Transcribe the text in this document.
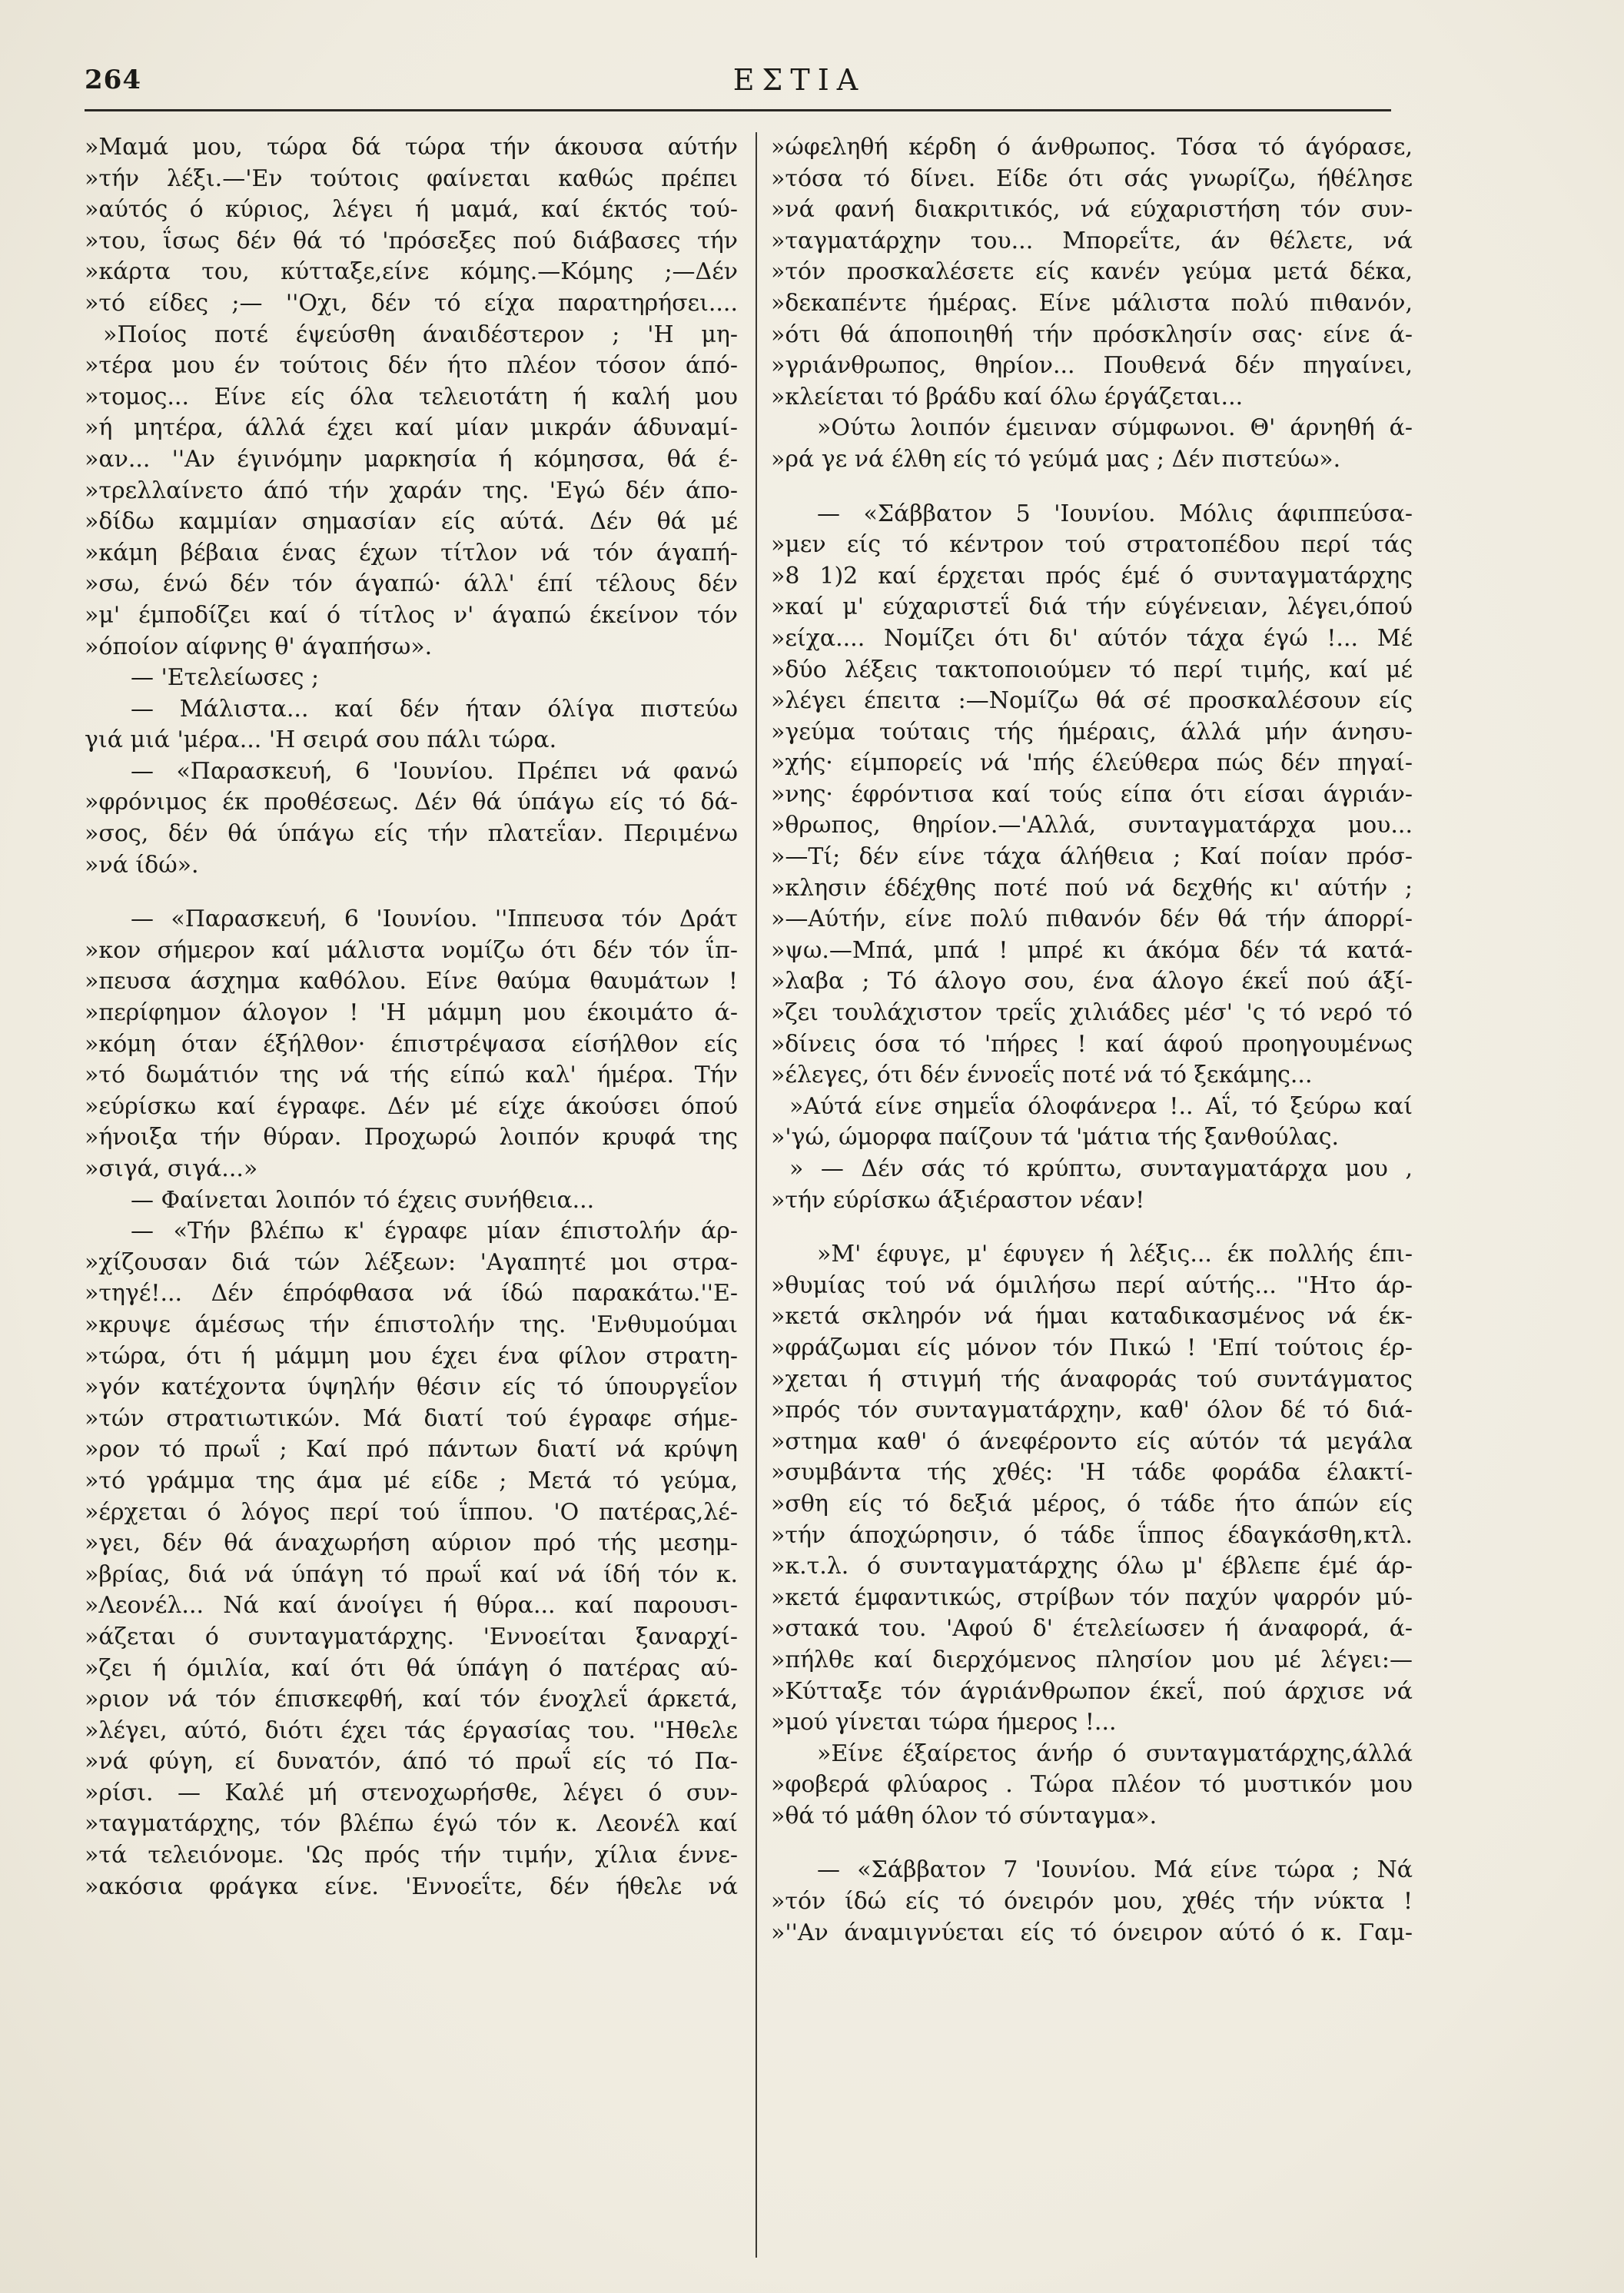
264	ΕΣΤΙΑ
»Μαμά μου, τώρα δά τώρα τήν άκουσα αύτήν
»τήν λέξι.—'Εν τούτοις φαίνεται καθώς πρέπει
»αύτός ό κύριος, λέγει ή μαμά, καί έκτός τού-
»του, ΐσως δέν θά τό 'πρόσεξες πού διάβασες τήν
»κάρτα του, κύτταξε,είνε κόμης.—Κόμης ;—Δέν
»τό είδες ;— ''Οχι, δέν τό είχα παρατηρήσει....
»Ποίος ποτέ έψεύσθη άναιδέστερον ; 'Η μη-
»τέρα μου έν τούτοις δέν ήτο πλέον τόσον άπό-
»τομος... Είνε είς όλα τελειοτάτη ή καλή μου
»ή μητέρα, άλλά έχει καί μίαν μικράν άδυναμί-
»αν... ''Αν έγινόμην μαρκησία ή κόμησσα, θά έ-
»τρελλαίνετο άπό τήν χαράν της. 'Εγώ δέν άπο-
»δίδω καμμίαν σημασίαν είς αύτά. Δέν θά μέ
»κάμη βέβαια ένας έχων τίτλον νά τόν άγαπή-
»σω, ένώ δέν τόν άγαπώ· άλλ' έπί τέλους δέν
»μ' έμποδίζει καί ό τίτλος ν' άγαπώ έκείνον τόν
»όποίον αίφνης θ' άγαπήσω».
— 'Ετελείωσες ;
— Μάλιστα... καί δέν ήταν όλίγα πιστεύω
γιά μιά 'μέρα... 'Η σειρά σου πάλι τώρα.
— «Παρασκευή, 6 'Ιουνίου. Πρέπει νά φανώ
»φρόνιμος έκ προθέσεως. Δέν θά ύπάγω είς τό δά-
»σος, δέν θά ύπάγω είς τήν πλατεΐαν. Περιμένω
»νά ίδώ».
— «Παρασκευή, 6 'Ιουνίου. ''Ιππευσα τόν Δράτ
»κον σήμερον καί μάλιστα νομίζω ότι δέν τόν ΐπ-
»πευσα άσχημα καθόλου. Είνε θαύμα θαυμάτων !
»περίφημον άλογον ! 'Η μάμμη μου έκοιμάτο ά-
»κόμη όταν έξήλθον· έπιστρέψασα είσήλθον είς
»τό δωμάτιόν της νά τής είπώ καλ' ήμέρα. Τήν
»εύρίσκω καί έγραφε. Δέν μέ είχε άκούσει όπού
»ήνοιξα τήν θύραν. Προχωρώ λοιπόν κρυφά της
»σιγά, σιγά...»
— Φαίνεται λοιπόν τό έχεις συνήθεια...
— «Τήν βλέπω κ' έγραφε μίαν έπιστολήν άρ-
»χίζουσαν διά τών λέξεων: 'Αγαπητέ μοι στρα-
»τηγέ!... Δέν έπρόφθασα νά ίδώ παρακάτω.''Ε-
»κρυψε άμέσως τήν έπιστολήν της. 'Ενθυμούμαι
»τώρα, ότι ή μάμμη μου έχει ένα φίλον στρατη-
»γόν κατέχοντα ύψηλήν θέσιν είς τό ύπουργεΐον
»τών στρατιωτικών. Μά διατί τού έγραφε σήμε-
»ρον τό πρωΐ ; Καί πρό πάντων διατί νά κρύψη
»τό γράμμα της άμα μέ είδε ; Μετά τό γεύμα,
»έρχεται ό λόγος περί τού ΐππου. 'Ο πατέρας,λέ-
»γει, δέν θά άναχωρήση αύριον πρό τής μεσημ-
»βρίας, διά νά ύπάγη τό πρωΐ καί νά ίδή τόν κ.
»Λεονέλ... Νά καί άνοίγει ή θύρα... καί παρουσι-
»άζεται ό συνταγματάρχης. 'Εννοείται ξαναρχί-
»ζει ή όμιλία, καί ότι θά ύπάγη ό πατέρας αύ-
»ριον νά τόν έπισκεφθή, καί τόν ένοχλεΐ άρκετά,
»λέγει, αύτό, διότι έχει τάς έργασίας του. ''Ηθελε
»νά φύγη, εί δυνατόν, άπό τό πρωΐ είς τό Πα-
»ρίσι. — Καλέ μή στενοχωρήσθε, λέγει ό συν-
»ταγματάρχης, τόν βλέπω έγώ τόν κ. Λεονέλ καί
»τά τελειόνομε. 'Ως πρός τήν τιμήν, χίλια έννε-
»ακόσια φράγκα είνε. 'Εννοεΐτε, δέν ήθελε νά
»ώφεληθή κέρδη ό άνθρωπος. Τόσα τό άγόρασε,
»τόσα τό δίνει. Είδε ότι σάς γνωρίζω, ήθέλησε
»νά φανή διακριτικός, νά εύχαριστήση τόν συν-
»ταγματάρχην του... Μπορεΐτε, άν θέλετε, νά
»τόν προσκαλέσετε είς κανέν γεύμα μετά δέκα,
»δεκαπέντε ήμέρας. Είνε μάλιστα πολύ πιθανόν,
»ότι θά άποποιηθή τήν πρόσκλησίν σας· είνε ά-
»γριάνθρωπος, θηρίον... Πουθενά δέν πηγαίνει,
»κλείεται τό βράδυ καί όλω έργάζεται...
»Ούτω λοιπόν έμειναν σύμφωνοι. Θ' άρνηθή ά-
»ρά γε νά έλθη είς τό γεύμά μας ; Δέν πιστεύω».
— «Σάββατον 5 'Ιουνίου. Μόλις άφιππεύσα-
»μεν είς τό κέντρον τού στρατοπέδου περί τάς
»8 1)2 καί έρχεται πρός έμέ ό συνταγματάρχης
»καί μ' εύχαριστεΐ διά τήν εύγένειαν, λέγει,όπού
»είχα.... Νομίζει ότι δι' αύτόν τάχα έγώ !... Μέ
»δύο λέξεις τακτοποιούμεν τό περί τιμής, καί μέ
»λέγει έπειτα :—Νομίζω θά σέ προσκαλέσουν είς
»γεύμα τούταις τής ήμέραις, άλλά μήν άνησυ-
»χής· είμπορείς νά 'πής έλεύθερα πώς δέν πηγαί-
»νης· έφρόντισα καί τούς είπα ότι είσαι άγριάν-
»θρωπος, θηρίον.—'Αλλά, συνταγματάρχα μου...
»—Τί; δέν είνε τάχα άλήθεια ; Καί ποίαν πρόσ-
»κλησιν έδέχθης ποτέ πού νά δεχθής κι' αύτήν ;
»—Αύτήν, είνε πολύ πιθανόν δέν θά τήν άπορρί-
»ψω.—Μπά, μπά ! μπρέ κι άκόμα δέν τά κατά-
»λαβα ; Τό άλογο σου, ένα άλογο έκεΐ πού άξί-
»ζει τουλάχιστον τρεΐς χιλιάδες μέσ' 'ς τό νερό τό
»δίνεις όσα τό 'πήρες ! καί άφού προηγουμένως
»έλεγες, ότι δέν έννοεΐς ποτέ νά τό ξεκάμης...
»Αύτά είνε σημεΐα όλοφάνερα !.. Αΐ, τό ξεύρω καί
»'γώ, ώμορφα παίζουν τά 'μάτια τής ξανθούλας.
» — Δέν σάς τό κρύπτω, συνταγματάρχα μου ,
»τήν εύρίσκω άξιέραστον νέαν!
»Μ' έφυγε, μ' έφυγεν ή λέξις... έκ πολλής έπι-
»θυμίας τού νά όμιλήσω περί αύτής... ''Ητο άρ-
»κετά σκληρόν νά ήμαι καταδικασμένος νά έκ-
»φράζωμαι είς μόνον τόν Πικώ ! 'Επί τούτοις έρ-
»χεται ή στιγμή τής άναφοράς τού συντάγματος
»πρός τόν συνταγματάρχην, καθ' όλον δέ τό διά-
»στημα καθ' ό άνεφέροντο είς αύτόν τά μεγάλα
»συμβάντα τής χθές: 'Η τάδε φοράδα έλακτί-
»σθη είς τό δεξιά μέρος, ό τάδε ήτο άπών είς
»τήν άποχώρησιν, ό τάδε ΐππος έδαγκάσθη,κτλ.
»κ.τ.λ. ό συνταγματάρχης όλω μ' έβλεπε έμέ άρ-
»κετά έμφαντικώς, στρίβων τόν παχύν ψαρρόν μύ-
»στακά του. 'Αφού δ' έτελείωσεν ή άναφορά, ά-
»πήλθε καί διερχόμενος πλησίον μου μέ λέγει:—
»Κύτταξε τόν άγριάνθρωπον έκεΐ, πού άρχισε νά
»μού γίνεται τώρα ήμερος !...
»Είνε έξαίρετος άνήρ ό συνταγματάρχης,άλλά
»φοβερά φλύαρος . Τώρα πλέον τό μυστικόν μου
»θά τό μάθη όλον τό σύνταγμα».
— «Σάββατον 7 'Ιουνίου. Μά είνε τώρα ; Νά
»τόν ίδώ είς τό όνειρόν μου, χθές τήν νύκτα !
»''Αν άναμιγνύεται είς τό όνειρον αύτό ό κ. Γαμ-
